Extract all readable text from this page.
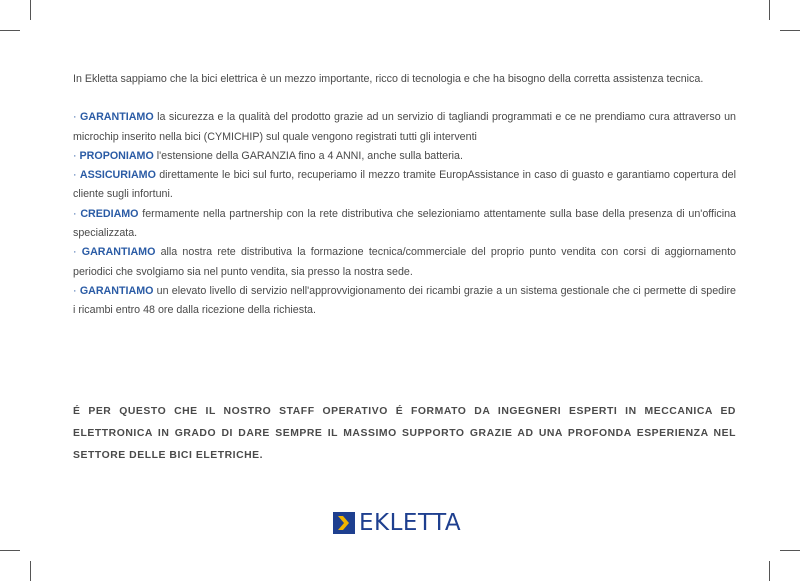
In Ekletta sappiamo che la bici elettrica è un mezzo importante, ricco di tecnologia e che ha bisogno della corretta assistenza tecnica.

· GARANTIAMO la sicurezza e la qualità del prodotto grazie ad un servizio di tagliandi programmati e ce ne prendiamo cura attraverso un microchip inserito nella bici (CYMICHIP) sul quale vengono registrati tutti gli interventi

· PROPONIAMO l'estensione della GARANZIA fino a 4 ANNI, anche sulla batteria.

· ASSICURIAMO direttamente le bici sul furto, recuperiamo il mezzo tramite EuropAssistance in caso di guasto e garantiamo copertura del cliente sugli infortuni.

· CREDIAMO fermamente nella partnership con la rete distributiva che selezioniamo attentamente sulla base della presenza di un'officina specializzata.

· GARANTIAMO alla nostra rete distributiva la formazione tecnica/commerciale del proprio punto vendita con corsi di aggiornamento periodici che svolgiamo sia nel punto vendita, sia presso la nostra sede.

· GARANTIAMO un elevato livello di servizio nell'approvvigionamento dei ricambi grazie a un sistema gestionale che ci permette di spedire i ricambi entro 48 ore dalla ricezione della richiesta.

É PER QUESTO CHE IL NOSTRO STAFF OPERATIVO É FORMATO DA INGEGNERI ESPERTI IN MECCANICA ED ELETTRONICA IN GRADO DI DARE SEMPRE IL MASSIMO SUPPORTO GRAZIE AD UNA PROFONDA ESPERIENZA NEL SETTORE DELLE BICI ELETRICHE.
EKLETTA
